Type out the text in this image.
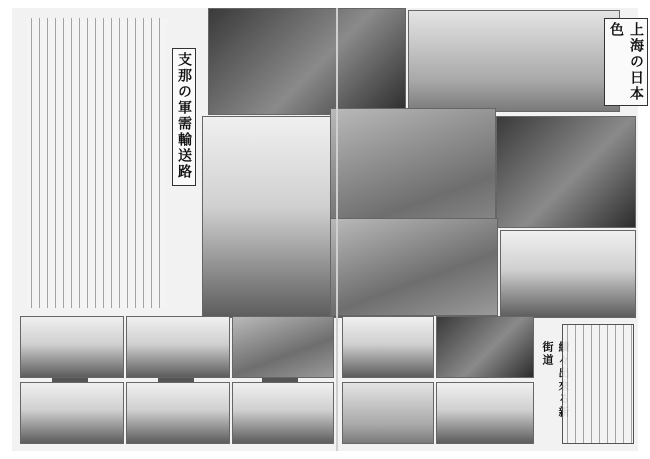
支那の軍需輸送路	上海の日本色
街道
